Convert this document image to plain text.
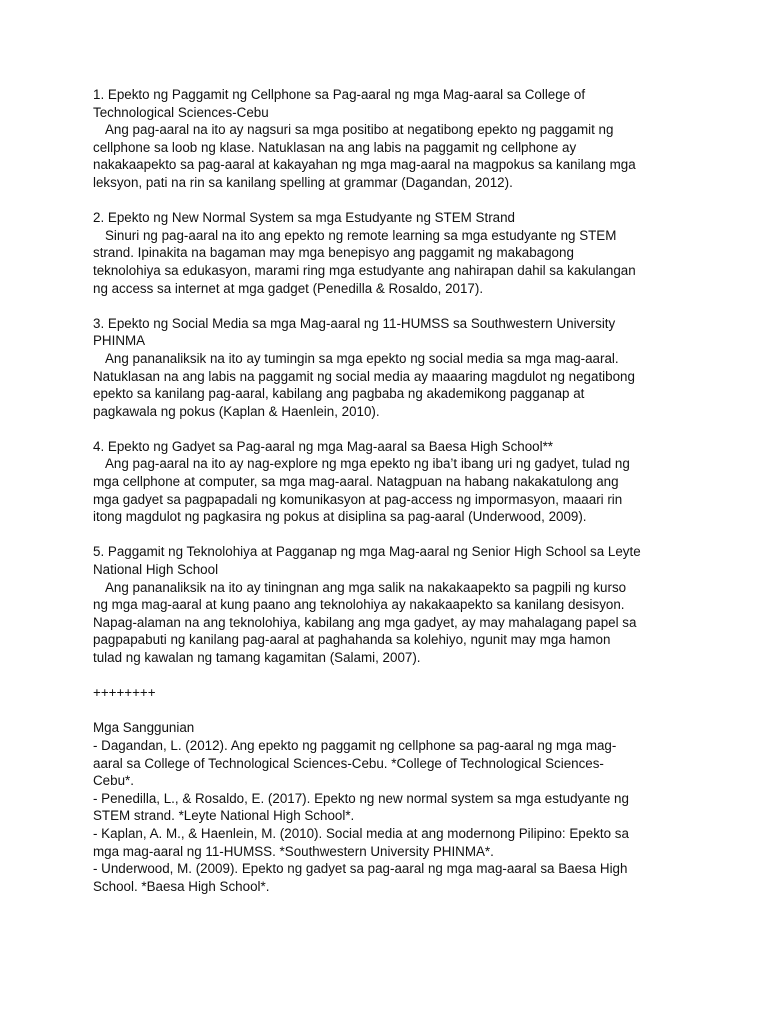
1. Epekto ng Paggamit ng Cellphone sa Pag-aaral ng mga Mag-aaral sa College of
Technological Sciences-Cebu

Ang pag-aaral na ito ay nagsuri sa mga positibo at negatibong epekto ng paggamit ng
cellphone sa loob ng klase. Natuklasan na ang labis na paggamit ng cellphone ay
nakakaapekto sa pag-aaral at kakayahan ng mga mag-aaral na magpokus sa kanilang mga
leksyon, pati na rin sa kanilang spelling at grammar (Dagandan, 2012).

2. Epekto ng New Normal System sa mga Estudyante ng STEM Strand

Sinuri ng pag-aaral na ito ang epekto ng remote learning sa mga estudyante ng STEM
strand. Ipinakita na bagaman may mga benepisyo ang paggamit ng makabagong
teknolohiya sa edukasyon, marami ring mga estudyante ang nahirapan dahil sa kakulangan
ng access sa internet at mga gadget (Penedilla & Rosaldo, 2017).

3. Epekto ng Social Media sa mga Mag-aaral ng 11-HUMSS sa Southwestern University
PHINMA

Ang pananaliksik na ito ay tumingin sa mga epekto ng social media sa mga mag-aaral.
Natuklasan na ang labis na paggamit ng social media ay maaaring magdulot ng negatibong
epekto sa kanilang pag-aaral, kabilang ang pagbaba ng akademikong pagganap at
pagkawala ng pokus (Kaplan & Haenlein, 2010).

4. Epekto ng Gadyet sa Pag-aaral ng mga Mag-aaral sa Baesa High School**

Ang pag-aaral na ito ay nag-explore ng mga epekto ng iba’t ibang uri ng gadyet, tulad ng
mga cellphone at computer, sa mga mag-aaral. Natagpuan na habang nakakatulong ang
mga gadyet sa pagpapadali ng komunikasyon at pag-access ng impormasyon, maaari rin
itong magdulot ng pagkasira ng pokus at disiplina sa pag-aaral (Underwood, 2009).

5. Paggamit ng Teknolohiya at Pagganap ng mga Mag-aaral ng Senior High School sa Leyte
National High School

Ang pananaliksik na ito ay tiningnan ang mga salik na nakakaapekto sa pagpili ng kurso
ng mga mag-aaral at kung paano ang teknolohiya ay nakakaapekto sa kanilang desisyon.
Napag-alaman na ang teknolohiya, kabilang ang mga gadyet, ay may mahalagang papel sa
pagpapabuti ng kanilang pag-aaral at paghahanda sa kolehiyo, ngunit may mga hamon
tulad ng kawalan ng tamang kagamitan (Salami, 2007).

++++++++

Mga Sanggunian

- Dagandan, L. (2012). Ang epekto ng paggamit ng cellphone sa pag-aaral ng mga mag-
aaral sa College of Technological Sciences-Cebu. *College of Technological Sciences-
Cebu*.

- Penedilla, L., & Rosaldo, E. (2017). Epekto ng new normal system sa mga estudyante ng
STEM strand. *Leyte National High School*.

- Kaplan, A. M., & Haenlein, M. (2010). Social media at ang modernong Pilipino: Epekto sa
mga mag-aaral ng 11-HUMSS. *Southwestern University PHINMA*.

- Underwood, M. (2009). Epekto ng gadyet sa pag-aaral ng mga mag-aaral sa Baesa High
School. *Baesa High School*.
